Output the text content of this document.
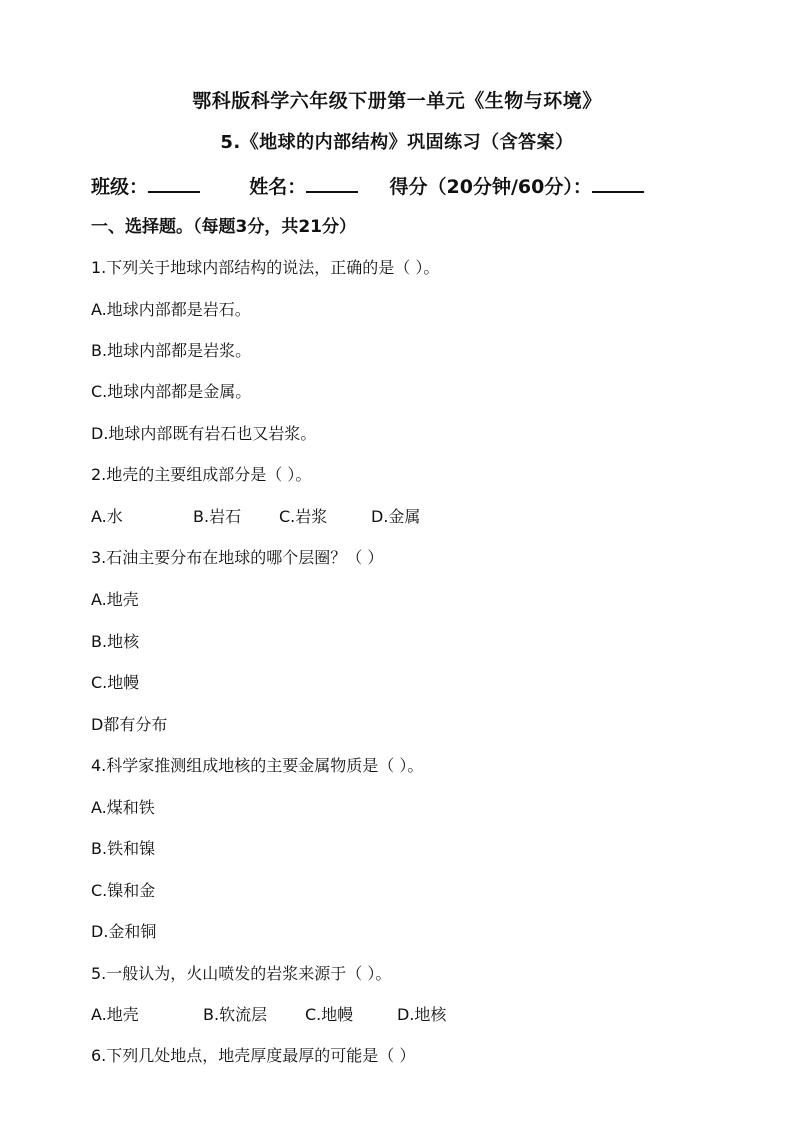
鄂科版科学六年级下册第一单元《生物与环境》
5.《地球的内部结构》巩固练习（含答案）
班级：	姓名：	得分（20分钟/60分）：
一、选择题。（每题3分，共21分）
1.下列关于地球内部结构的说法，正确的是（ ）。
A.地球内部都是岩石。
B.地球内部都是岩浆。
C.地球内部都是金属。
D.地球内部既有岩石也又岩浆。
2.地壳的主要组成部分是（ ）。
A.水	B.岩石 C.岩浆	D.金属
3.石油主要分布在地球的哪个层圈？（ ）
A.地壳
B.地核
C.地幔
D都有分布
4.科学家推测组成地核的主要金属物质是（ ）。
A.煤和铁
B.铁和镍
C.镍和金
D.金和铜
5.一般认为，火山喷发的岩浆来源于（ ）。
A.地壳	B.软流层 C.地幔	D.地核
6.下列几处地点，地壳厚度最厚的可能是（ ）
